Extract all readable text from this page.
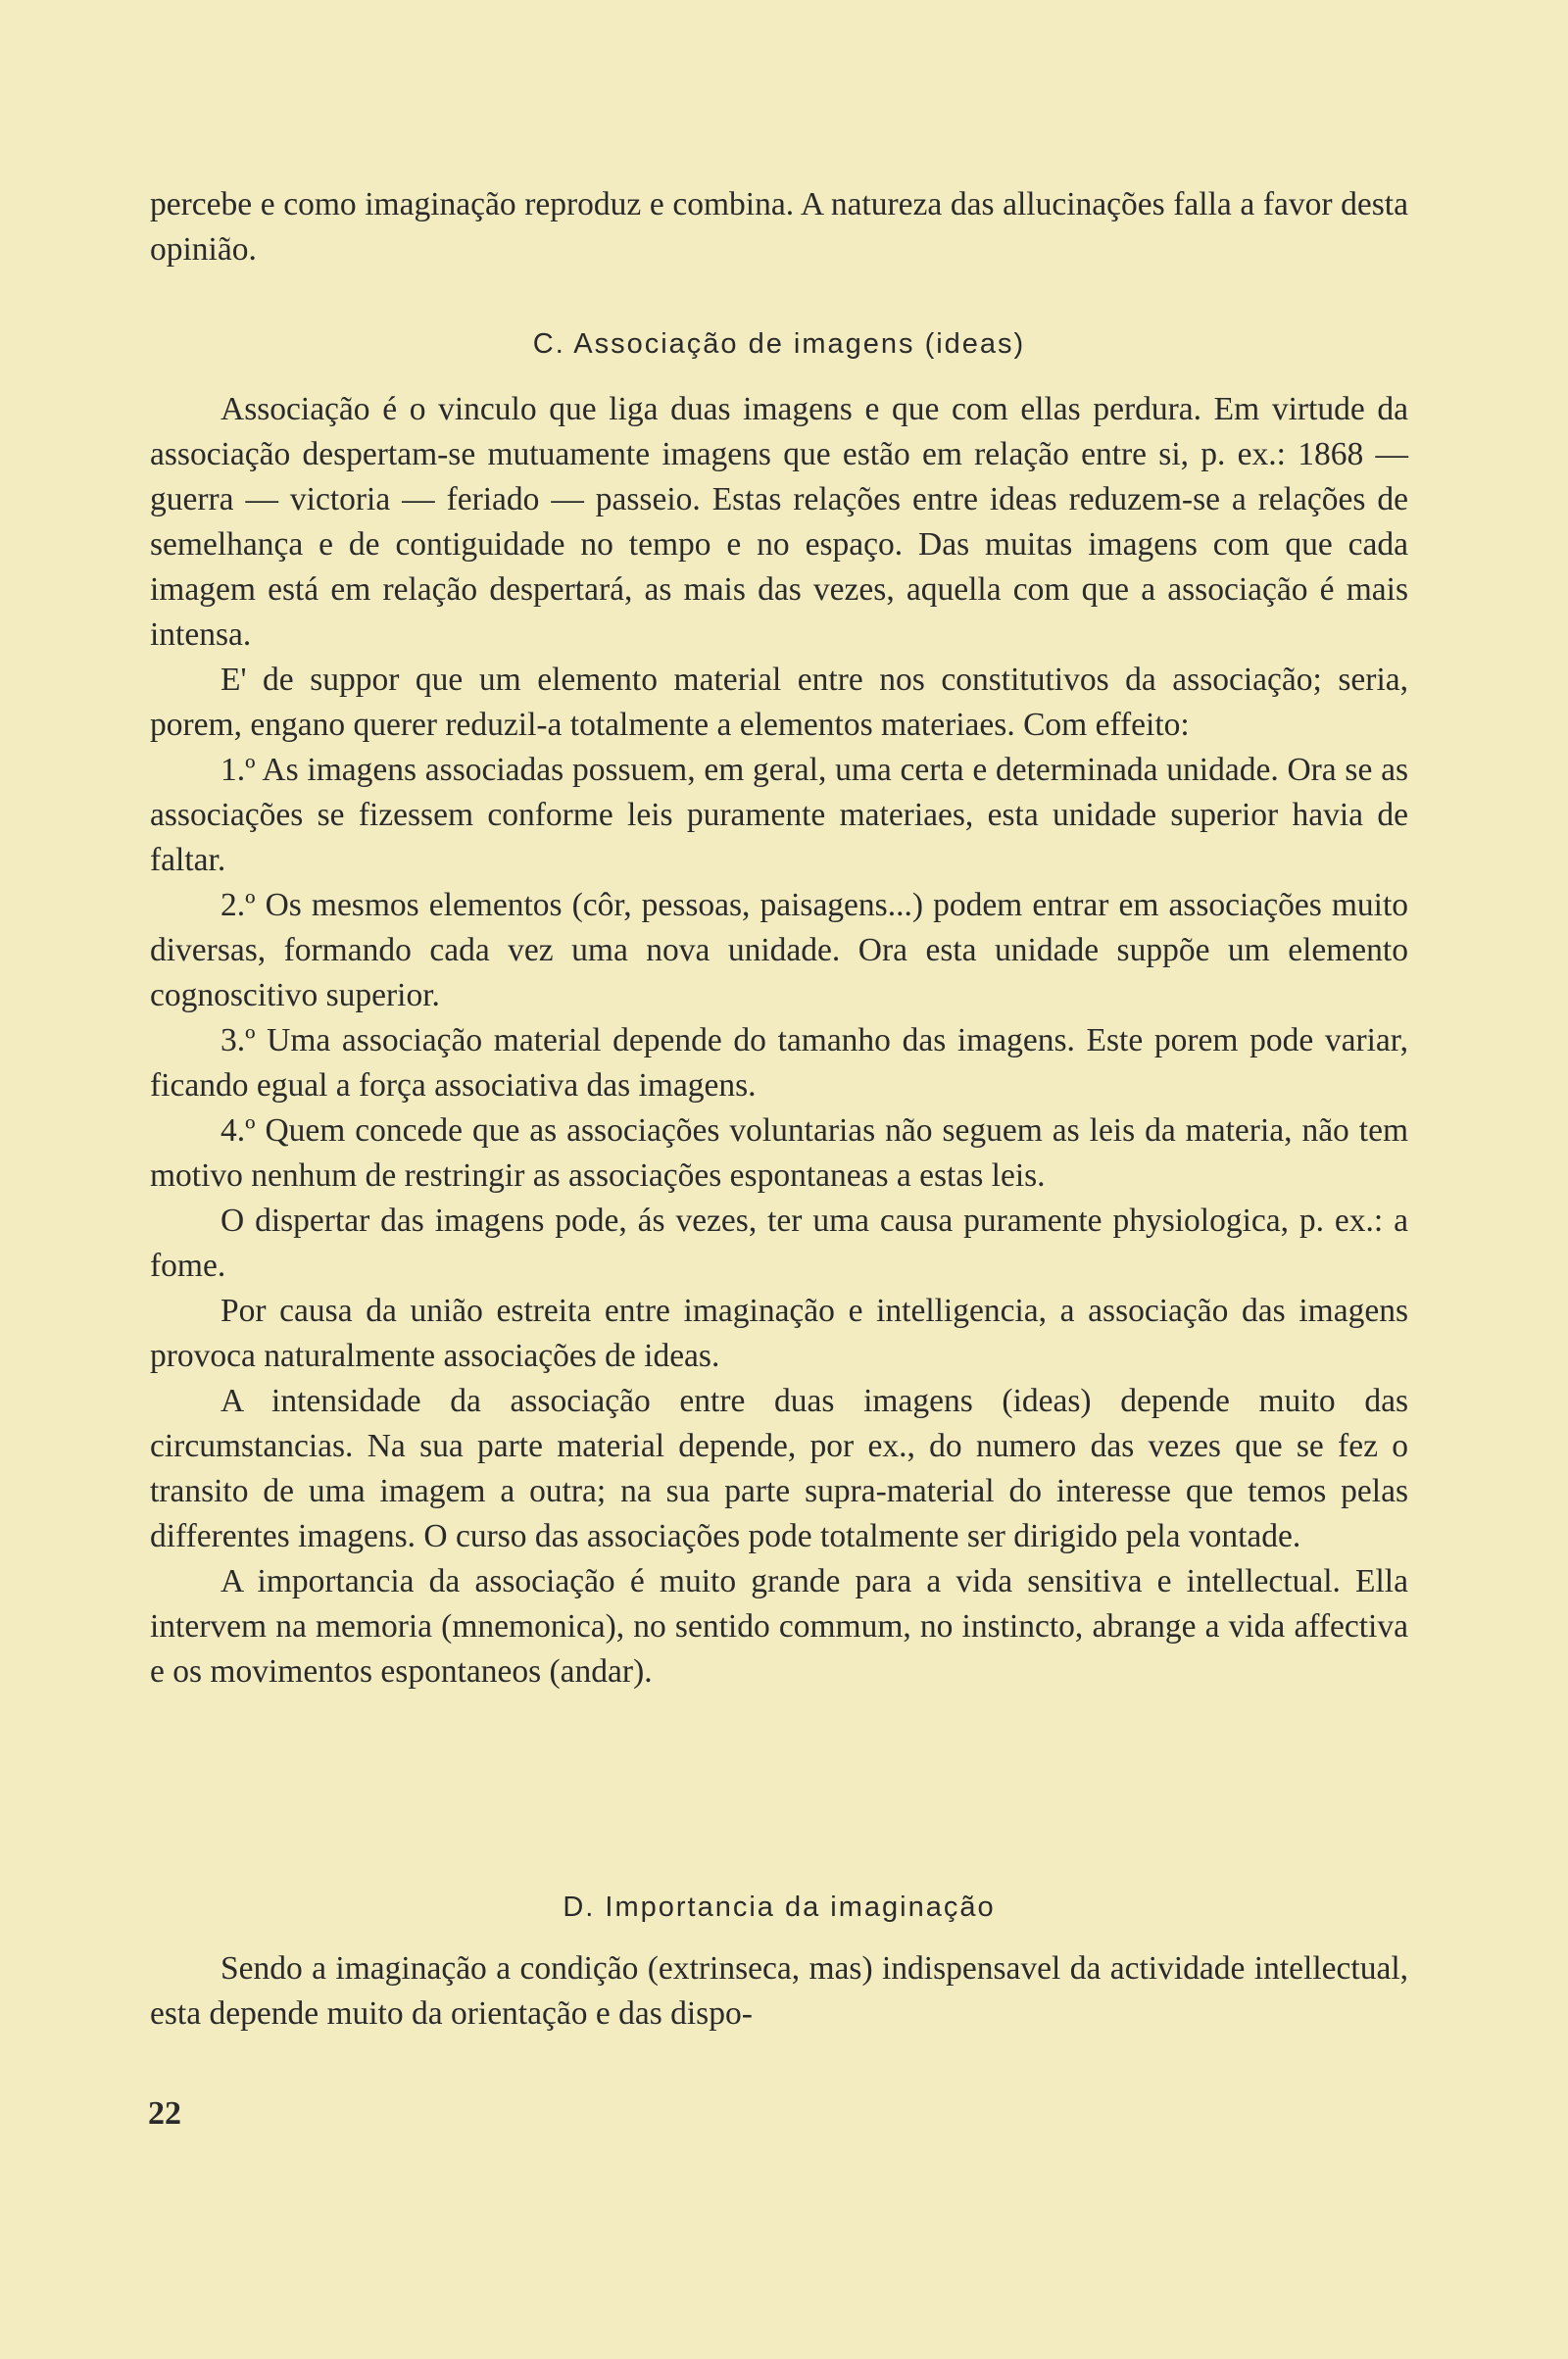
percebe e como imaginação reproduz e combina. A natureza das allucinações falla a favor desta opinião.

C. Associação de imagens (ideas)

Associação é o vinculo que liga duas imagens e que com ellas perdura. Em virtude da associação despertam-se mutuamente imagens que estão em relação entre si, p. ex.: 1868 — guerra — victoria — feriado — passeio. Estas relações entre ideas reduzem-se a relações de semelhança e de contiguidade no tempo e no espaço. Das muitas imagens com que cada imagem está em relação despertará, as mais das vezes, aquella com que a associação é mais intensa.

E' de suppor que um elemento material entre nos constitutivos da associação; seria, porem, engano querer reduzil-a totalmente a elementos materiaes. Com effeito:

1.º As imagens associadas possuem, em geral, uma certa e determinada unidade. Ora se as associações se fizessem conforme leis puramente materiaes, esta unidade superior havia de faltar.

2.º Os mesmos elementos (côr, pessoas, paisagens...) podem entrar em associações muito diversas, formando cada vez uma nova unidade. Ora esta unidade suppõe um elemento cognoscitivo superior.

3.º Uma associação material depende do tamanho das imagens. Este porem pode variar, ficando egual a força associativa das imagens.

4.º Quem concede que as associações voluntarias não seguem as leis da materia, não tem motivo nenhum de restringir as associações espontaneas a estas leis.

O dispertar das imagens pode, ás vezes, ter uma causa puramente physiologica, p. ex.: a fome.

Por causa da união estreita entre imaginação e intelligencia, a associação das imagens provoca naturalmente associações de ideas.

A intensidade da associação entre duas imagens (ideas) depende muito das circumstancias. Na sua parte material depende, por ex., do numero das vezes que se fez o transito de uma imagem a outra; na sua parte supra-material do interesse que temos pelas differentes imagens. O curso das associações pode totalmente ser dirigido pela vontade.

A importancia da associação é muito grande para a vida sensitiva e intellectual. Ella intervem na memoria (mnemonica), no sentido commum, no instincto, abrange a vida affectiva e os movimentos espontaneos (andar).

D. Importancia da imaginação

Sendo a imaginação a condição (extrinseca, mas) indispensavel da actividade intellectual, esta depende muito da orientação e das dispo-

22
